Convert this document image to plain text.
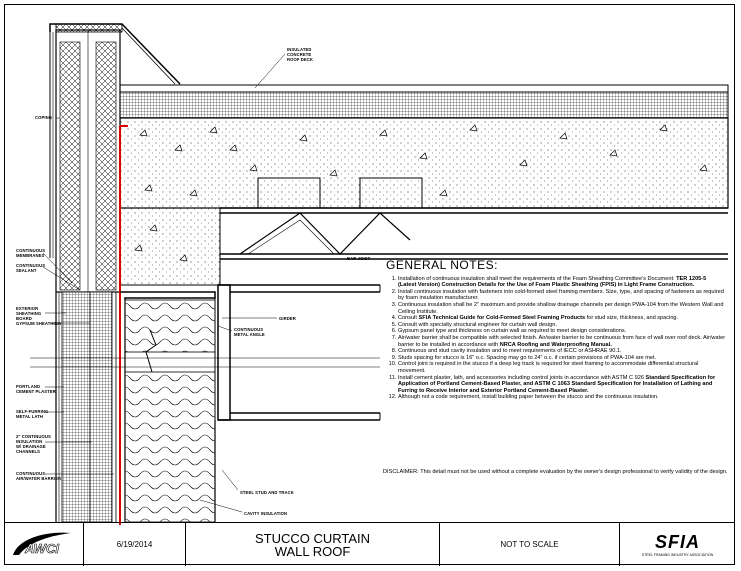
INSULATED
CONCRETE
ROOF DECK
COPING
CONTINUOUS
MEMBRANES
CONTINUOUS
SEALANT
BAR JOIST
EXTERIOR
SHEATHING
BOARD
GYPSUM SHEATHING
GIRDER
CONTINUOUS
METAL ANGLE
PORTLAND
CEMENT PLASTER
SELF-FURRING
METAL LATH
2" CONTINUOUS
INSULATION
W/ DRAINAGE
CHANNELS
CONTINUOUS
AIR/WATER BARRIER
STEEL STUD AND TRACK
CAVITY INSULATION
GENERAL NOTES:
1. Installation of continuous insulation shall meet the requirements of the Foam Sheathing Committee's Document: TER 1205-5 (Latest Version) Construction Details for the Use of Foam Plastic Sheathing (FPIS) in Light Frame Construction.
2. Install continuous insulation with fasteners into cold-formed steel framing members. Size, type, and spacing of fasteners as required by foam insulation manufacturer.
3. Continuous insulation shall be 2" maximum and provide shallow drainage channels per design PWA-104 from the Western Wall and Ceiling Institute.
4. Consult SFIA Technical Guide for Cold-Formed Steel Framing Products for stud size, thickness, and spacing.
5. Consult with specialty structural engineer for curtain wall design.
6. Gypsum panel type and thickness on curtain wall as required to meet design considerations.
7. Air/water barrier shall be compatible with selected finish. Air/water barrier to be continuous from face of wall over roof deck. Air/water barrier to be installed in accordance with NRCA Roofing and Waterproofing Manual.
8. Continuous and stud cavity insulation and to meet requirements of IECC or ASHRAE 90.1.
9. Studs spacing for stucco is 16" o.c. Spacing may go to 24" o.c. if certain provisions of PWA-104 are met.
10. Control joint is required in the stucco if a deep leg track is required for steel framing to accommodate differential structural movement.
11. Install cement plaster, lath, and accessories including control joints in accordance with ASTM C 926 Standard Specification for Application of Portland Cement-Based Plaster, and ASTM C 1063 Standard Specification for Installation of Lathing and Furring to Receive Interior and Exterior Portland Cement-Based Plaster.
12. Although not a code requirement, install building paper between the stucco and the continuous insulation.
DISCLAIMER: This detail must not be used without a complete evaluation by the owner's design professional to verify validity of the design.
6/19/2014	STUCCO CURTAIN
WALL ROOF	NOT TO SCALE	SFIA
STEEL FRAMING INDUSTRY ASSOCIATION
AWCI
